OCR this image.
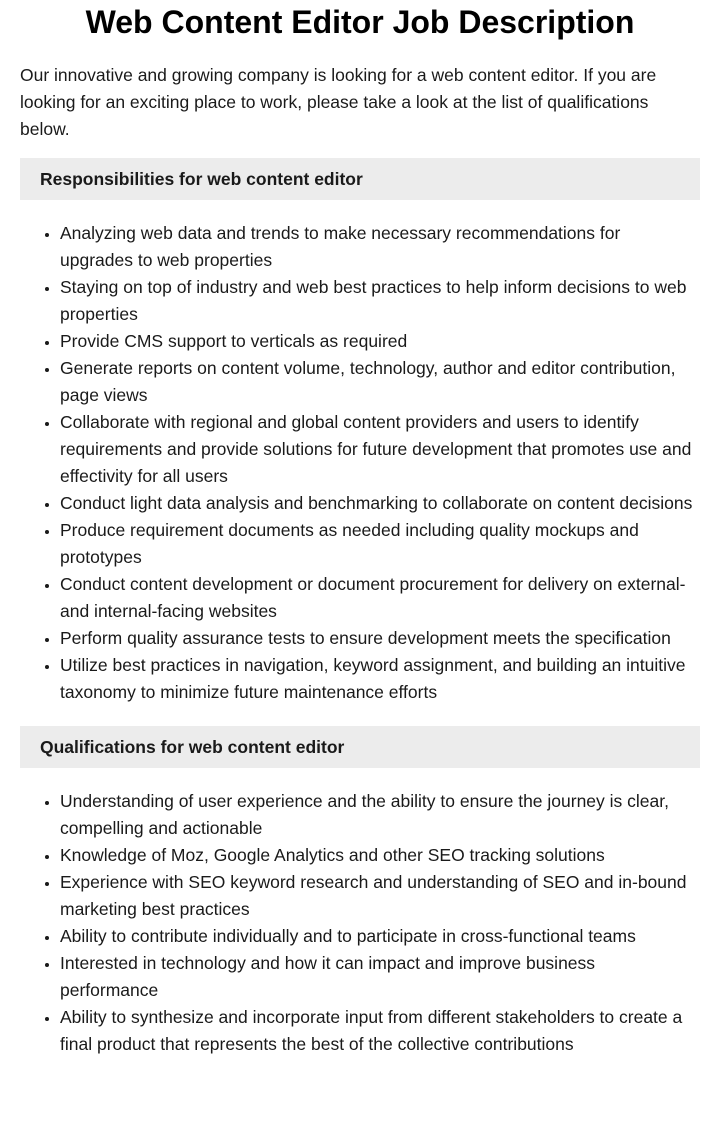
Web Content Editor Job Description

Our innovative and growing company is looking for a web content editor. If you are looking for an exciting place to work, please take a look at the list of qualifications below.

Responsibilities for web content editor
• Analyzing web data and trends to make necessary recommendations for upgrades to web properties
• Staying on top of industry and web best practices to help inform decisions to web properties
• Provide CMS support to verticals as required
• Generate reports on content volume, technology, author and editor contribution, page views
• Collaborate with regional and global content providers and users to identify requirements and provide solutions for future development that promotes use and effectivity for all users
• Conduct light data analysis and benchmarking to collaborate on content decisions
• Produce requirement documents as needed including quality mockups and prototypes
• Conduct content development or document procurement for delivery on external- and internal-facing websites
• Perform quality assurance tests to ensure development meets the specification
• Utilize best practices in navigation, keyword assignment, and building an intuitive taxonomy to minimize future maintenance efforts
Qualifications for web content editor
• Understanding of user experience and the ability to ensure the journey is clear, compelling and actionable
• Knowledge of Moz, Google Analytics and other SEO tracking solutions
• Experience with SEO keyword research and understanding of SEO and in-bound marketing best practices
• Ability to contribute individually and to participate in cross-functional teams
• Interested in technology and how it can impact and improve business performance
• Ability to synthesize and incorporate input from different stakeholders to create a final product that represents the best of the collective contributions
